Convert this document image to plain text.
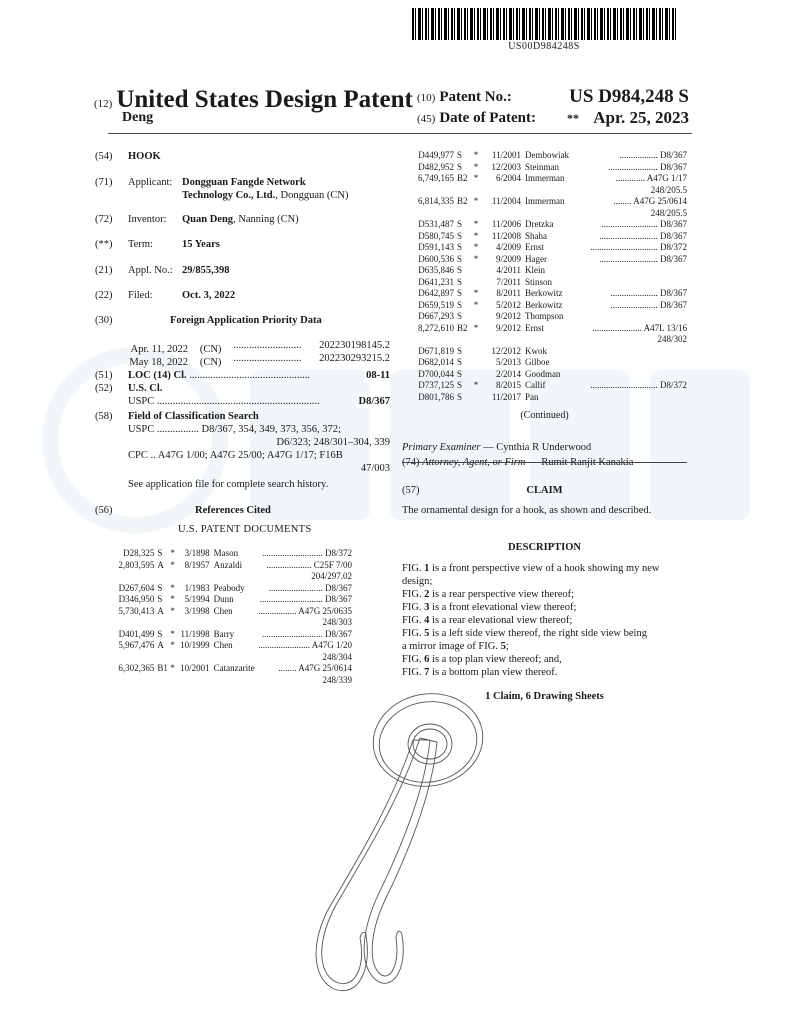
US00D984248S
(12) United States Design Patent
Deng
(10) Patent No.:	US D984,248 S
(45) Date of Patent:	** Apr. 25, 2023
(54) HOOK
(71) Applicant: Dongguan Fangde Network
Technology Co., Ltd., Dongguan (CN)
(72) Inventor: Quan Deng, Nanning (CN)
(**) Term:	15 Years
(21) Appl. No.: 29/855,398
(22) Filed:	Oct. 3, 2022
(30)	Foreign Application Priority Data
Apr. 11, 2022 (CN) .......................... 202230198145.2
May 18, 2022 (CN) .......................... 202230293215.2
(51) LOC (14) Cl. ..............................................	08-11
(52) U.S. Cl.
USPC ..............................................................	D8/367
(58) Field of Classification Search
USPC ................ D8/367, 354, 349, 373, 356, 372;
D6/323; 248/301–304, 339
CPC .. A47G 1/00; A47G 25/00; A47G 1/17; F16B
47/003
See application file for complete search history.
(56)	References Cited
U.S. PATENT DOCUMENTS
D28,325	S	*	3/1898	Mason	........................... D8/372
2,803,595	A	*	8/1957	Anzaldi	.................... C25F 7/00
204/297.02					
D267,604	S	*	1/1983	Peabody	........................ D8/367
D346,950	S	*	5/1994	Dunn	............................ D8/367
5,730,413	A	*	3/1998	Chen	................. A47G 25/0635
248/303					
D401,499	S	*	11/1998	Barry	........................... D8/367
5,967,476	A	*	10/1999	Chen	....................... A47G 1/20
248/304					
6,302,365	B1	*	10/2001	Catanzarite	........ A47G 25/0614
248/339					
D449,977	S	*	11/2001	Dembowiak	................. D8/367
D482,952	S	*	12/2003	Steinman	...................... D8/367
6,749,165	B2	*	6/2004	Immerman	............. A47G 1/17
248/205.5					
6,814,335	B2	*	11/2004	Immerman	........ A47G 25/0614
248/205.5					
D531,487	S	*	11/2006	Dretzka	......................... D8/367
D580,745	S	*	11/2008	Shaha	.......................... D8/367
D591,143	S	*	4/2009	Ernst	.............................. D8/372
D600,536	S	*	9/2009	Hager	.......................... D8/367
D635,846	S		4/2011	Klein	
D641,231	S		7/2011	Stinson	
D642,897	S	*	8/2011	Berkowitz	..................... D8/367
D659,519	S	*	5/2012	Berkowitz	..................... D8/367
D667,293	S		9/2012	Thompson	
8,272,610	B2	*	9/2012	Ernst	...................... A47L 13/16
248/302					
D671,819	S		12/2012	Kwok	
D682,014	S		5/2013	Gilboe	
D700,044	S		2/2014	Goodman	
D737,125	S	*	8/2015	Callif	.............................. D8/372
D801,786	S		11/2017	Pan	
(Continued)
Primary Examiner — Cynthia R Underwood
(74) Attorney, Agent, or Firm — Rumit Ranjit Kanakia
(57)	CLAIM
The ornamental design for a hook, as shown and described.
DESCRIPTION
FIG. 1 is a front perspective view of a hook showing my new
design;
FIG. 2 is a rear perspective view thereof;
FIG. 3 is a front elevational view thereof;
FIG. 4 is a rear elevational view thereof;
FIG. 5 is a left side view thereof, the right side view being
a mirror image of FIG. 5;
FIG. 6 is a top plan view thereof; and,
FIG. 7 is a bottom plan view thereof.
1 Claim, 6 Drawing Sheets
